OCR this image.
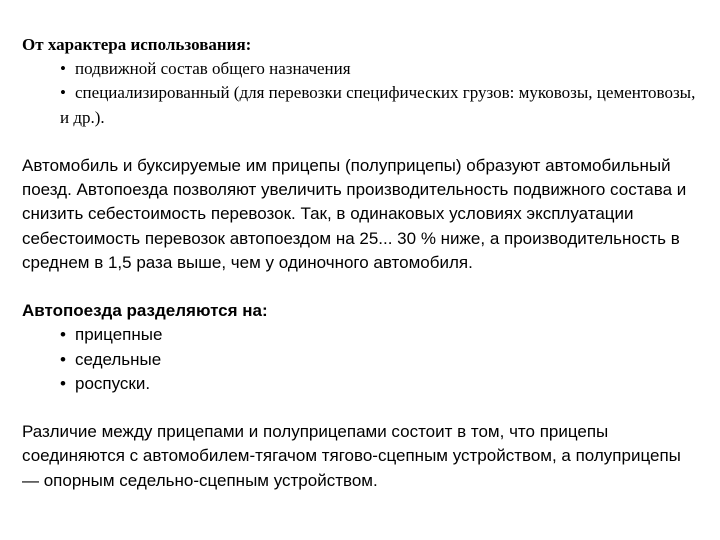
От характера использования:

• подвижной состав общего назначения
• специализированный (для перевозки специфических грузов: муковозы, цементовозы, и др.).

Автомобиль и буксируемые им прицепы (полуприцепы) образуют автомобильный поезд. Автопоезда позволяют увеличить производительность подвижного состава и снизить себестоимость перевозок. Так, в одинаковых условиях эксплуатации себестоимость перевозок автопоездом на 25... 30 % ниже, а производительность в среднем в 1,5 раза выше, чем у одиночного автомобиля.

Автопоезда разделяются на:

• прицепные
• седельные
• роспуски.

Различие между прицепами и полуприцепами состоит в том, что прицепы соединяются с автомобилем-тягачом тягово-сцепным устройством, а полуприцепы — опорным седельно-сцепным устройством.
